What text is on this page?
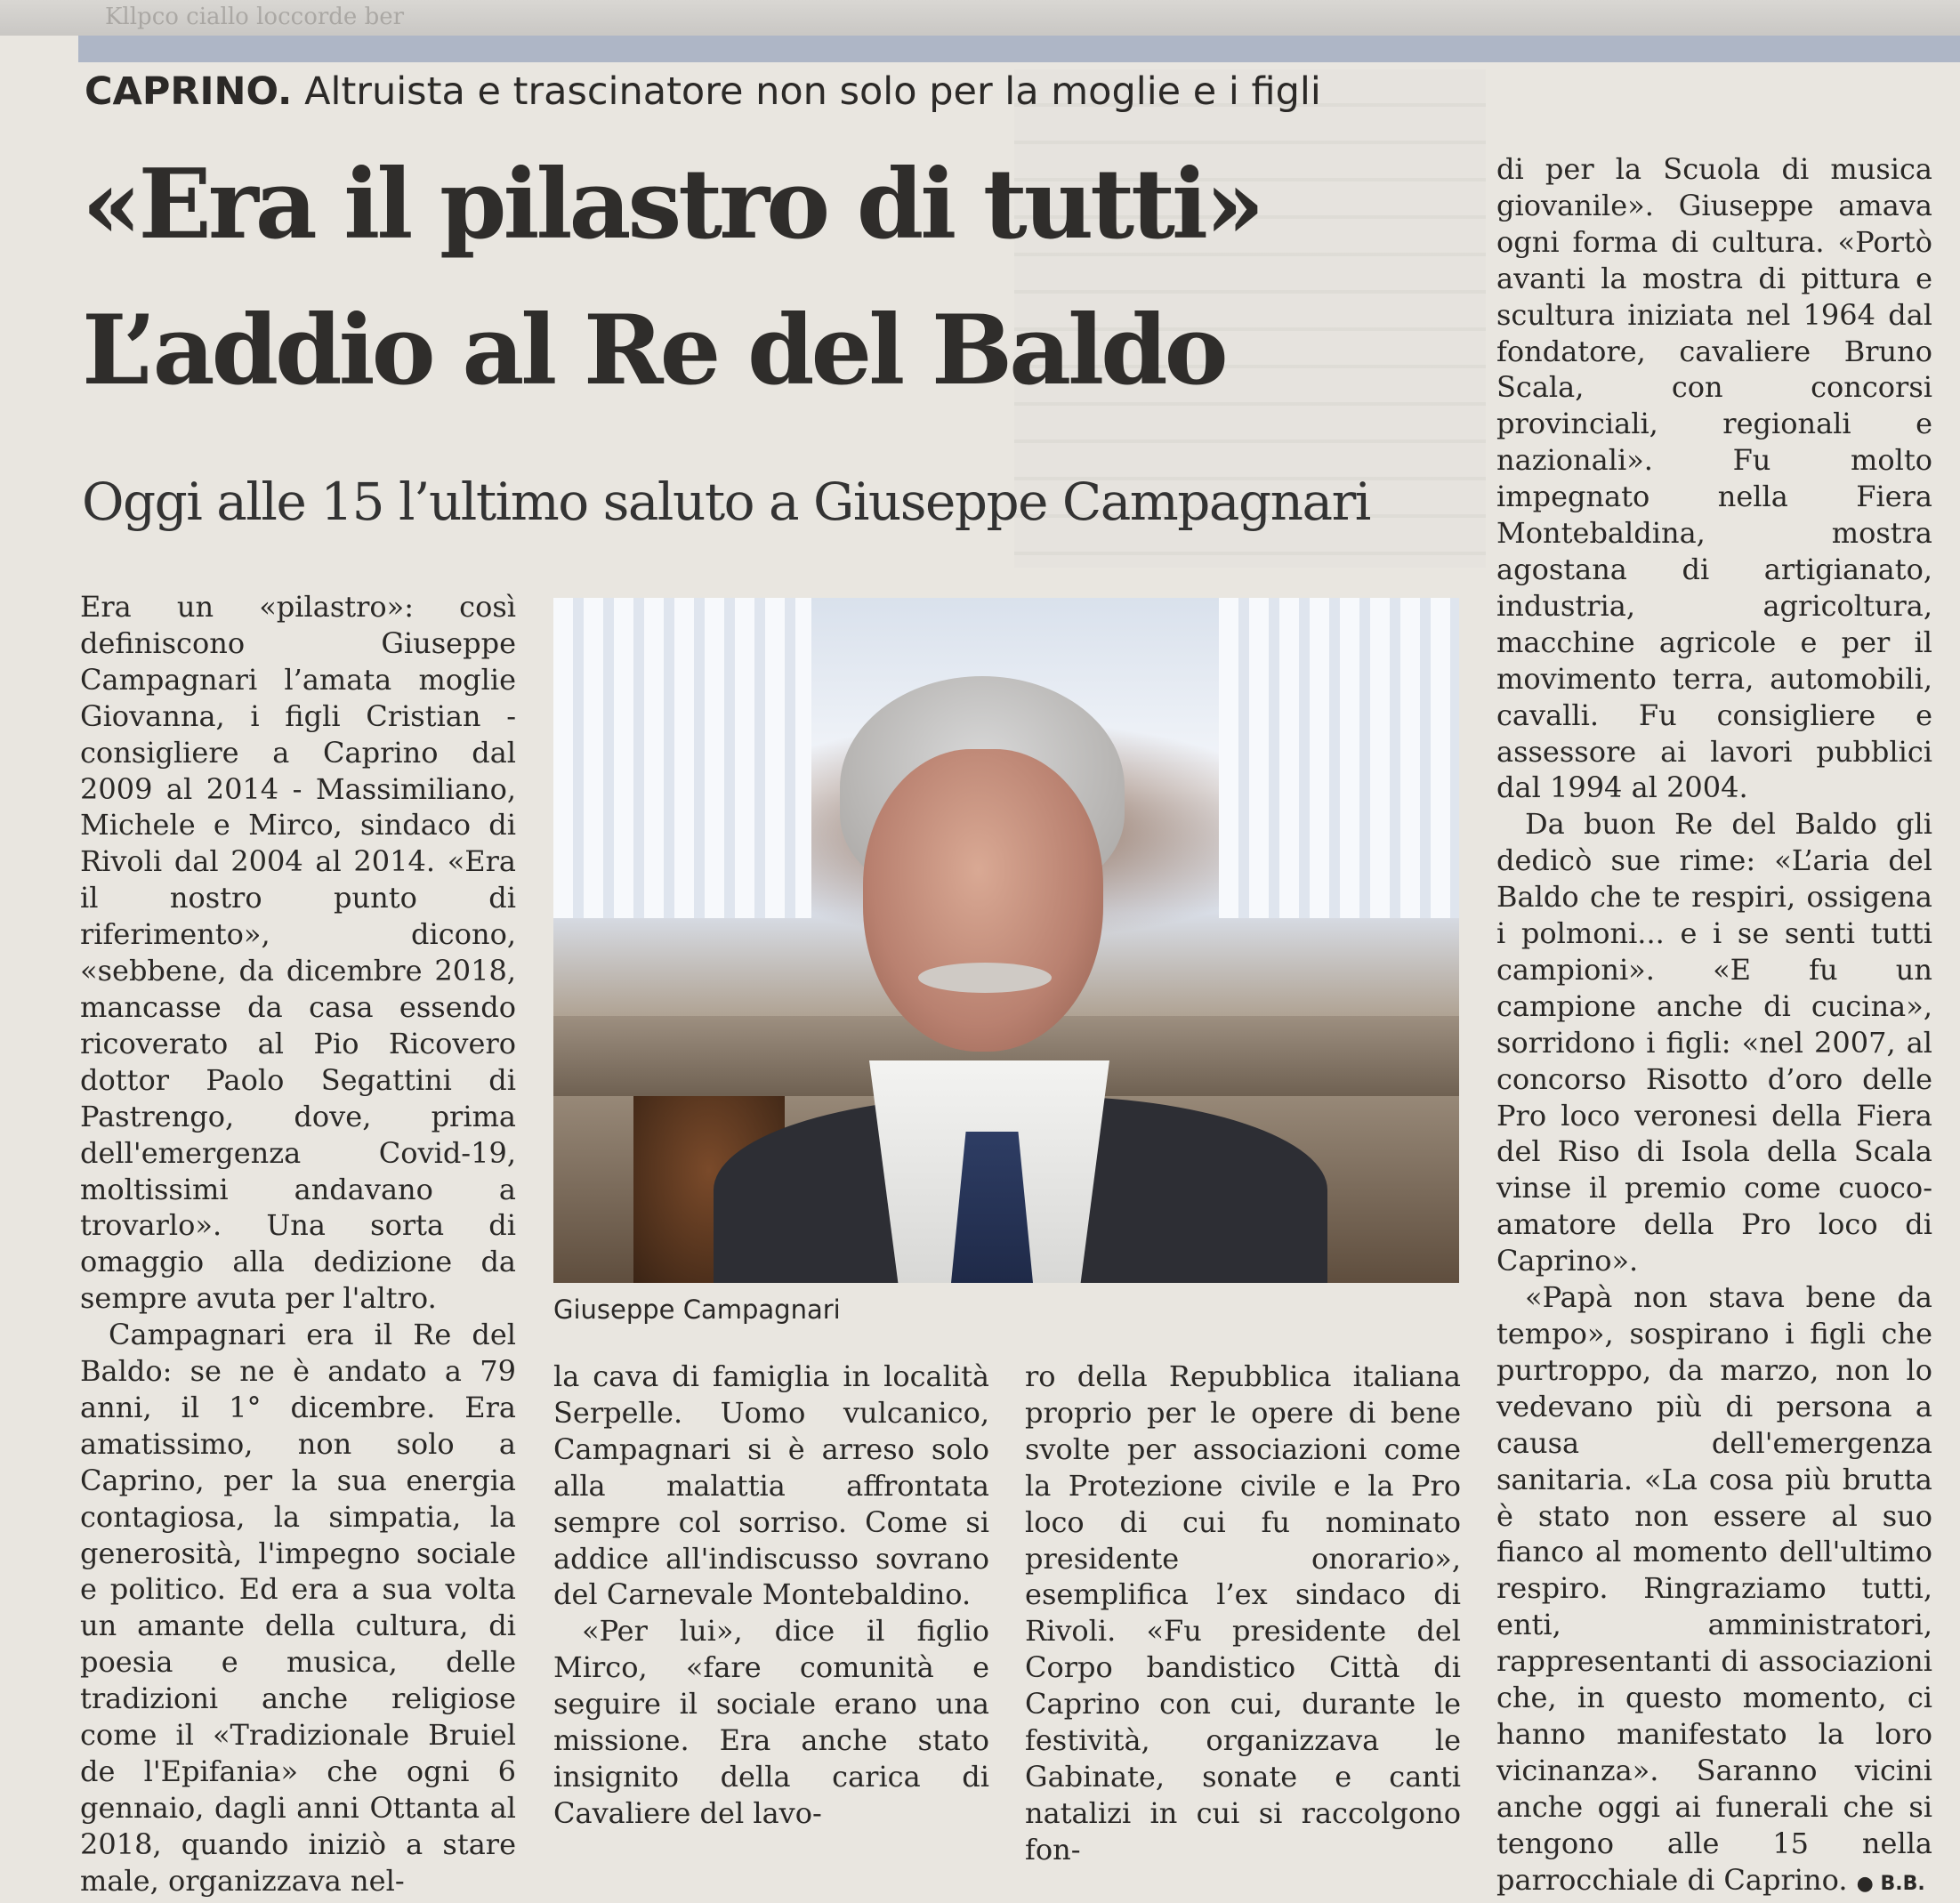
Kllpco ciallo loccorde ber
CAPRINO. Altruista e trascinatore non solo per la moglie e i figli
«Era il pilastro di tutti»
L’addio al Re del Baldo
Oggi alle 15 l’ultimo saluto a Giuseppe Campagnari

Era un «pilastro»: così definiscono Giuseppe Campagnari l’amata moglie Giovanna, i figli Cristian - consigliere a Caprino dal 2009 al 2014 - Massimiliano, Michele e Mirco, sindaco di Rivoli dal 2004 al 2014. «Era il nostro punto di riferimento», dicono, «sebbene, da dicembre 2018, mancasse da casa essendo ricoverato al Pio Ricovero dottor Paolo Segattini di Pastrengo, dove, prima dell'emergenza Covid-19, moltissimi andavano a trovarlo». Una sorta di omaggio alla dedizione da sempre avuta per l'altro.

Campagnari era il Re del Baldo: se ne è andato a 79 anni, il 1° dicembre. Era amatissimo, non solo a Caprino, per la sua energia contagiosa, la simpatia, la generosità, l'impegno sociale e politico. Ed era a sua volta un amante della cultura, di poesia e musica, delle tradizioni anche religiose come il «Tradizionale Bruiel de l'Epifania» che ogni 6 gennaio, dagli anni Ottanta al 2018, quando iniziò a stare male, organizzava nel-

Giuseppe Campagnari

la cava di famiglia in località Serpelle. Uomo vulcanico, Campagnari si è arreso solo alla malattia affrontata sempre col sorriso. Come si addice all'indiscusso sovrano del Carnevale Montebaldino.

«Per lui», dice il figlio Mirco, «fare comunità e seguire il sociale erano una missione. Era anche stato insignito della carica di Cavaliere del lavo-

ro della Repubblica italiana proprio per le opere di bene svolte per associazioni come la Protezione civile e la Pro loco di cui fu nominato presidente onorario», esemplifica l’ex sindaco di Rivoli. «Fu presidente del Corpo bandistico Città di Caprino con cui, durante le festività, organizzava le Gabinate, sonate e canti natalizi in cui si raccolgono fon-

di per la Scuola di musica giovanile». Giuseppe amava ogni forma di cultura. «Portò avanti la mostra di pittura e scultura iniziata nel 1964 dal fondatore, cavaliere Bruno Scala, con concorsi provinciali, regionali e nazionali». Fu molto impegnato nella Fiera Montebaldina, mostra agostana di artigianato, industria, agricoltura, macchine agricole e per il movimento terra, automobili, cavalli. Fu consigliere e assessore ai lavori pubblici dal 1994 al 2004.

Da buon Re del Baldo gli dedicò sue rime: «L’aria del Baldo che te respiri, ossigena i polmoni... e i se senti tutti campioni». «E fu un campione anche di cucina», sorridono i figli: «nel 2007, al concorso Risotto d’oro delle Pro loco veronesi della Fiera del Riso di Isola della Scala vinse il premio come cuoco-amatore della Pro loco di Caprino».

«Papà non stava bene da tempo», sospirano i figli che purtroppo, da marzo, non lo vedevano più di persona a causa dell'emergenza sanitaria. «La cosa più brutta è stato non essere al suo fianco al momento dell'ultimo respiro. Ringraziamo tutti, enti, amministratori, rappresentanti di associazioni che, in questo momento, ci hanno manifestato la loro vicinanza». Saranno vicini anche oggi ai funerali che si tengono alle 15 nella parrocchiale di Caprino. ● B.B.
